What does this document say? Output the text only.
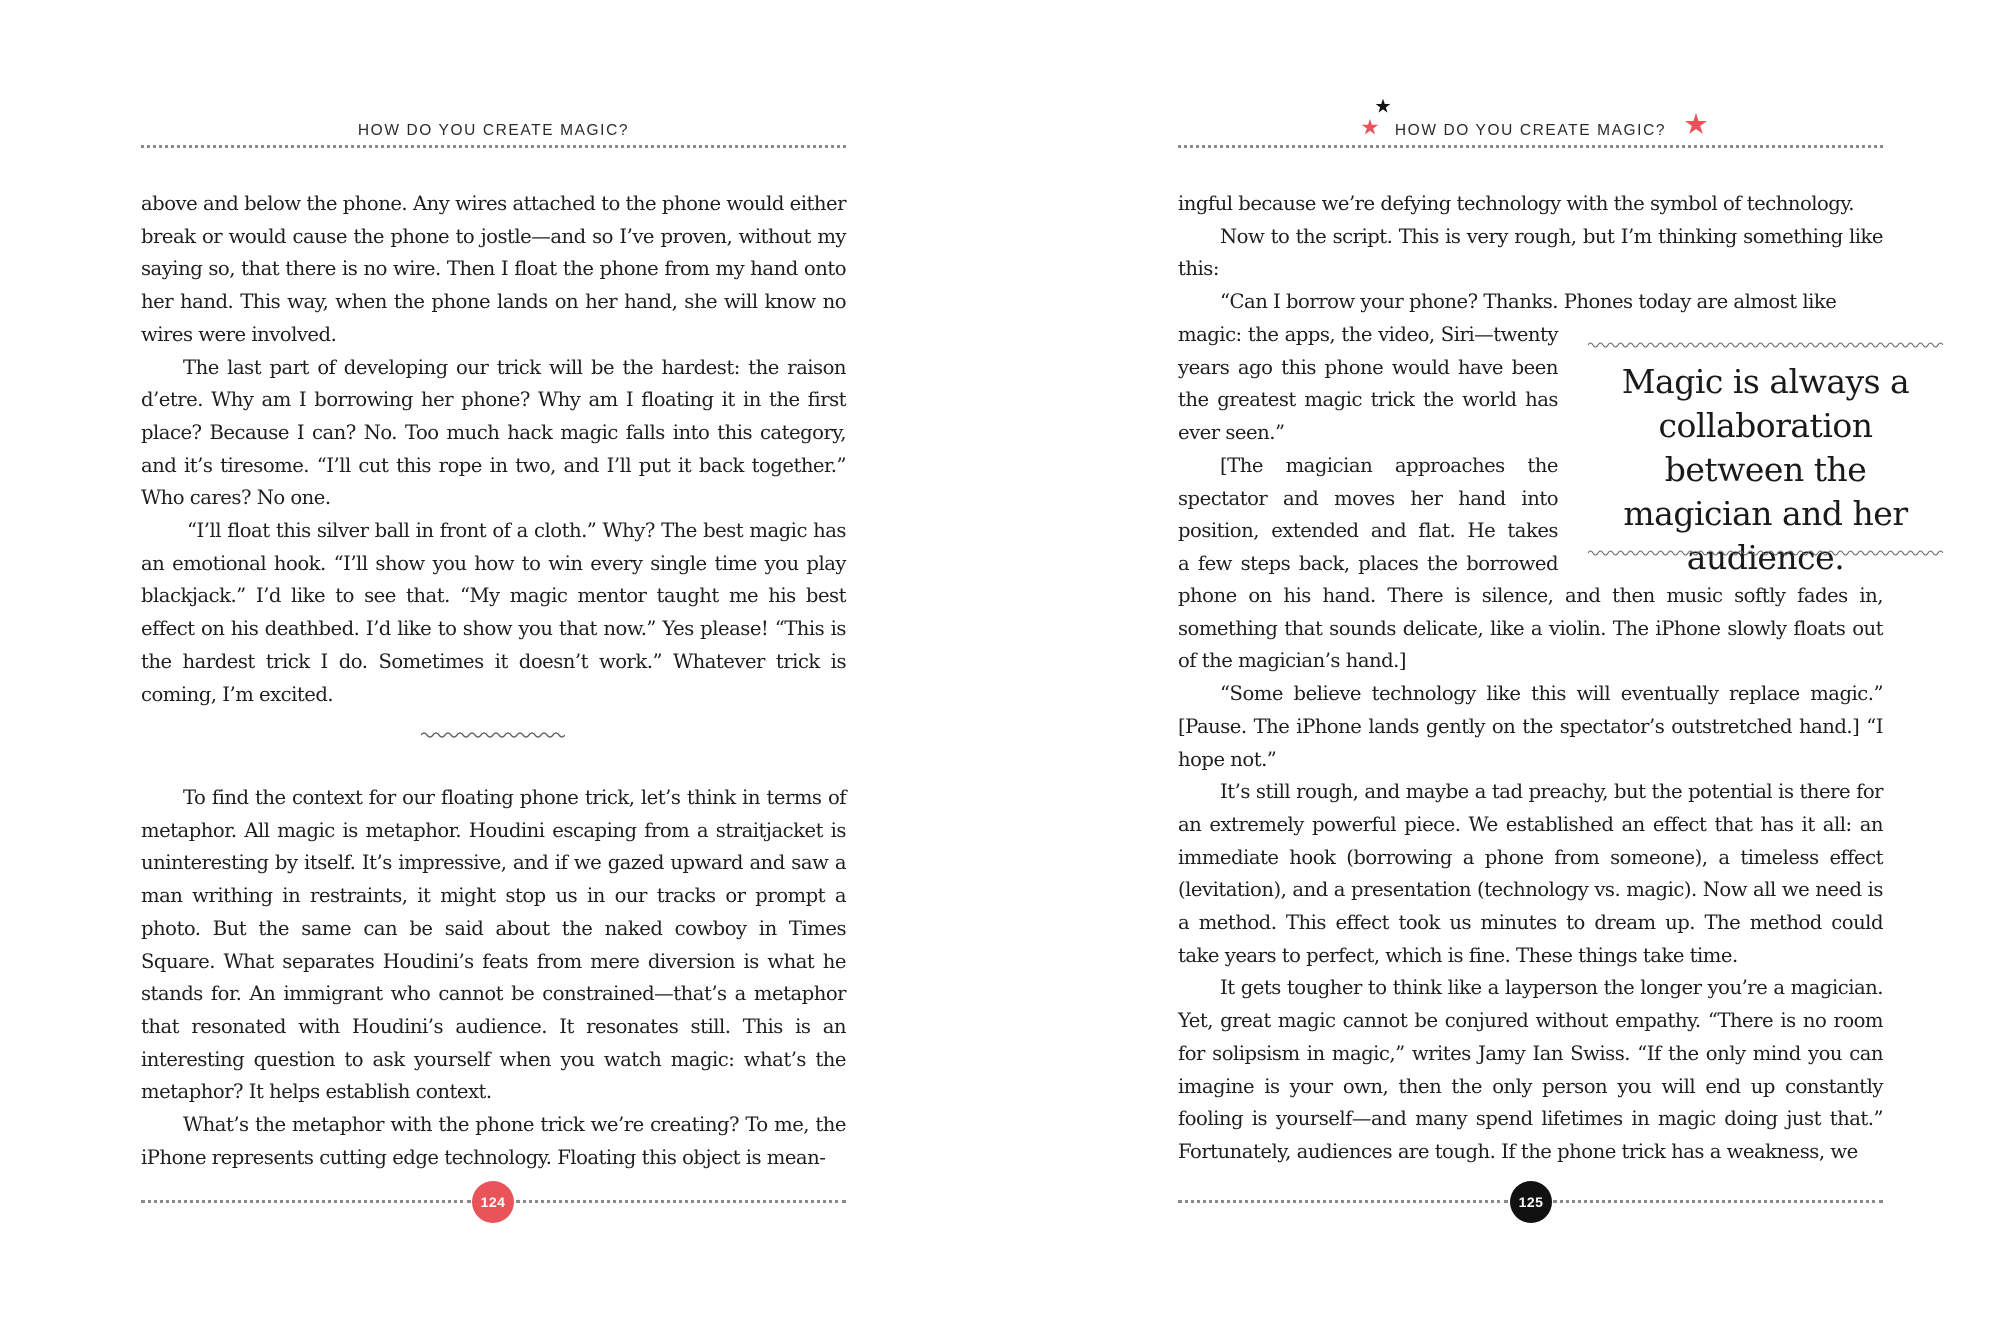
HOW DO YOU CREATE MAGIC?

above and below the phone. Any wires attached to the phone would either break or would cause the phone to jostle—and so I’ve proven, without my saying so, that there is no wire. Then I float the phone from my hand onto her hand. This way, when the phone lands on her hand, she will know no wires were involved.

The last part of developing our trick will be the hardest: the raison d’etre. Why am I borrowing her phone? Why am I floating it in the first place? Because I can? No. Too much hack magic falls into this category, and it’s tiresome. “I’ll cut this rope in two, and I’ll put it back together.” Who cares? No one.

“I’ll float this silver ball in front of a cloth.” Why? The best magic has an emotional hook. “I’ll show you how to win every single time you play blackjack.” I’d like to see that. “My magic mentor taught me his best effect on his deathbed. I’d like to show you that now.” Yes please! “This is the hardest trick I do. Sometimes it doesn’t work.” Whatever trick is coming, I’m excited.

To find the context for our floating phone trick, let’s think in terms of metaphor. All magic is metaphor. Houdini escaping from a straitjacket is uninteresting by itself. It’s impressive, and if we gazed upward and saw a man writhing in restraints, it might stop us in our tracks or prompt a photo. But the same can be said about the naked cowboy in Times Square. What separates Houdini’s feats from mere diversion is what he stands for. An immigrant who cannot be constrained—that’s a metaphor that resonated with Houdini’s audience. It resonates still. This is an interesting question to ask yourself when you watch magic: what’s the metaphor? It helps establish context.

What’s the metaphor with the phone trick we’re creating? To me, the iPhone represents cutting edge technology. Floating this object is mean-

124
HOW DO YOU CREATE MAGIC?

ingful because we’re defying technology with the symbol of technology.

Now to the script. This is very rough, but I’m thinking something like this:

“Can I borrow your phone? Thanks. Phones today are almost like

magic: the apps, the video, Siri—twenty
years ago this phone would have been
the greatest magic trick the world has
ever seen.”
[The magician approaches the
spectator and moves her hand into
position, extended and flat. He takes
a few steps back, places the borrowed
Magic is always a collaboration between the magician and her audience.

phone on his hand. There is silence, and then music softly fades in, something that sounds delicate, like a violin. The iPhone slowly floats out of the magician’s hand.]

“Some believe technology like this will eventually replace magic.” [Pause. The iPhone lands gently on the spectator’s outstretched hand.] “I hope not.”

It’s still rough, and maybe a tad preachy, but the potential is there for an extremely powerful piece. We established an effect that has it all: an immediate hook (borrowing a phone from someone), a timeless effect (levitation), and a presentation (technology vs. magic). Now all we need is a method. This effect took us minutes to dream up. The method could take years to perfect, which is fine. These things take time.

It gets tougher to think like a layperson the longer you’re a magician. Yet, great magic cannot be conjured without empathy. “There is no room for solipsism in magic,” writes Jamy Ian Swiss. “If the only mind you can imagine is your own, then the only person you will end up constantly fooling is yourself—and many spend lifetimes in magic doing just that.” Fortunately, audiences are tough. If the phone trick has a weakness, we

125
